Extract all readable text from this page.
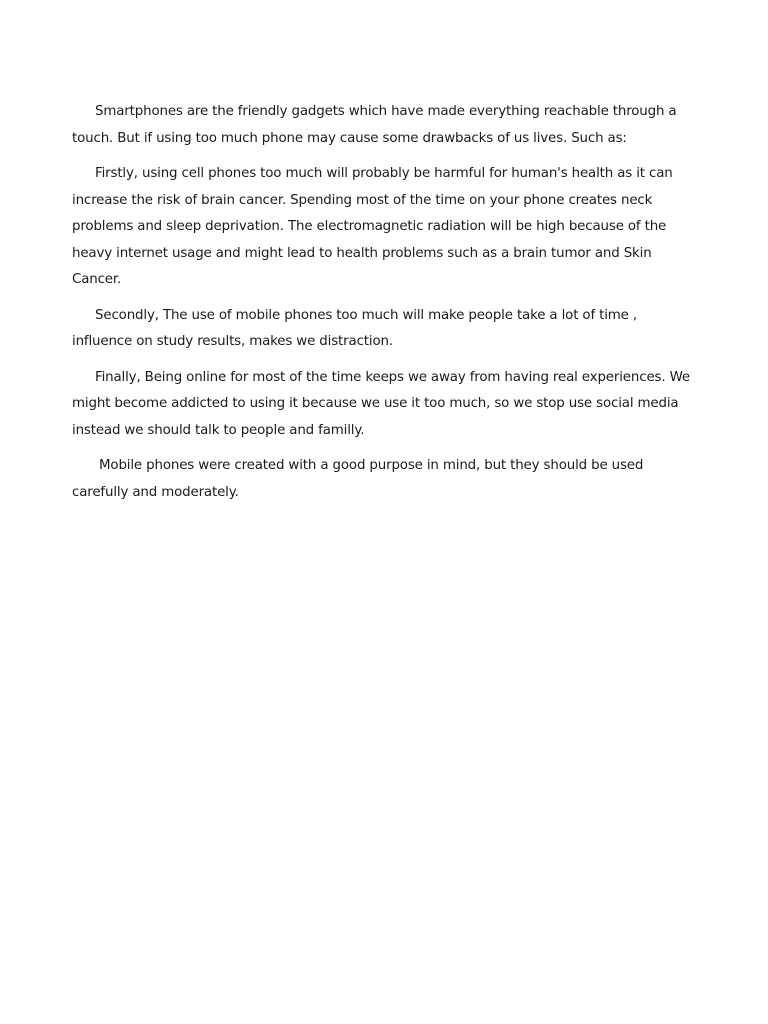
Smartphones are the friendly gadgets which have made everything reachable through a touch. But if using too much phone may cause some drawbacks of us lives. Such as:

Firstly, using cell phones too much will probably be harmful for human's health as it can increase the risk of brain cancer. Spending most of the time on your phone creates neck problems and sleep deprivation. The electromagnetic radiation will be high because of the heavy internet usage and might lead to health problems such as a brain tumor and Skin Cancer.

Secondly, The use of mobile phones too much will make people take a lot of time , influence on study results, makes we distraction.

Finally, Being online for most of the time keeps we away from having real experiences. We might become addicted to using it because we use it too much, so we stop use social media instead we should talk to people and familly.

Mobile phones were created with a good purpose in mind, but they should be used carefully and moderately.
